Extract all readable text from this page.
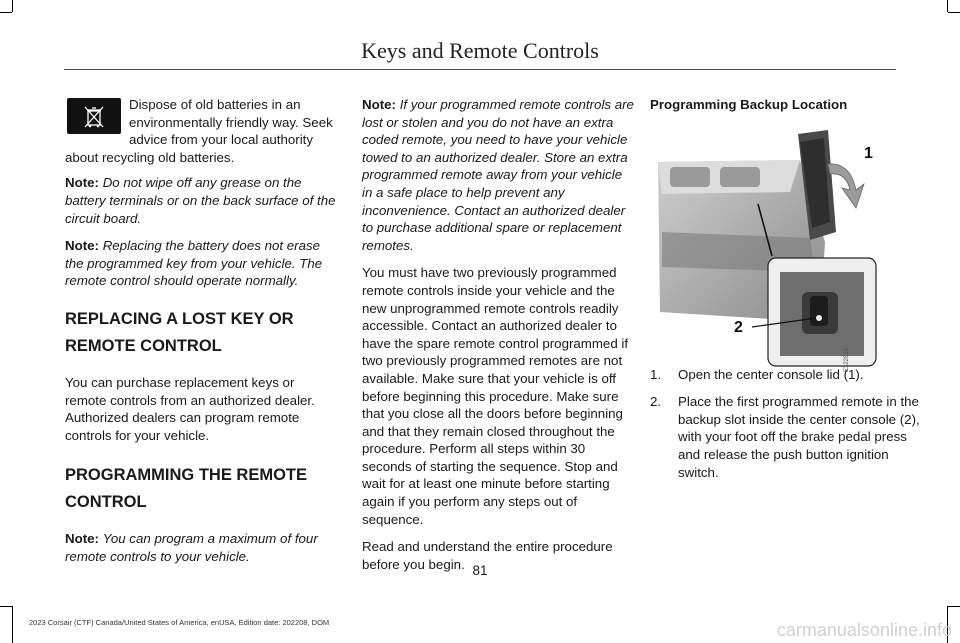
Keys and Remote Controls
Dispose of old batteries in an
environmentally friendly way. Seek
advice from your local authority
about recycling old batteries.

Note: Do not wipe off any grease on the battery terminals or on the back surface of the circuit board.

Note: Replacing the battery does not erase the programmed key from your vehicle. The remote control should operate normally.

REPLACING A LOST KEY OR
REMOTE CONTROL

You can purchase replacement keys or remote controls from an authorized dealer. Authorized dealers can program remote controls for your vehicle.

PROGRAMMING THE REMOTE
CONTROL

Note: You can program a maximum of four remote controls to your vehicle.

Note: If your programmed remote controls are lost or stolen and you do not have an extra coded remote, you need to have your vehicle towed to an authorized dealer. Store an extra programmed remote away from your vehicle in a safe place to help prevent any inconvenience. Contact an authorized dealer to purchase additional spare or replacement remotes.

You must have two previously programmed remote controls inside your vehicle and the new unprogrammed remote controls readily accessible. Contact an authorized dealer to have the spare remote control programmed if two previously programmed remotes are not available. Make sure that your vehicle is off before beginning this procedure. Make sure that you close all the doors before beginning and that they remain closed throughout the procedure. Perform all steps within 30 seconds of starting the sequence. Stop and wait for at least one minute before starting again if you perform any steps out of sequence.

Read and understand the entire procedure before you begin.

Programming Backup Location
1
2
E322818
1. Open the center console lid (1).
2. Place the first programmed remote in the backup slot inside the center console (2), with your foot off the brake pedal press and release the push button ignition switch.
81
2023 Corsair (CTF) Canada/United States of America, enUSA, Edition date: 202208, DOM	carmanualsonline.info
